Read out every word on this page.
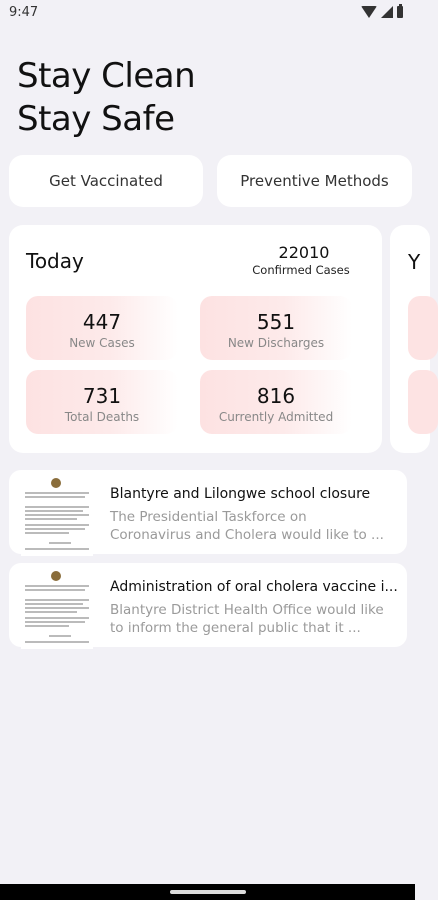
9:47
Stay Clean
Stay Safe
Get Vaccinated	Preventive Methods
Today	22010
Confirmed Cases
447
New Cases
551
New Discharges
731
Total Deaths
816
Currently Admitted
Y
Blantyre and Lilongwe school closure
The Presidential Taskforce on Coronavirus and Cholera would like to ...
Administration of oral cholera vaccine i...
Blantyre District Health Office would like to inform the general public that it ...
